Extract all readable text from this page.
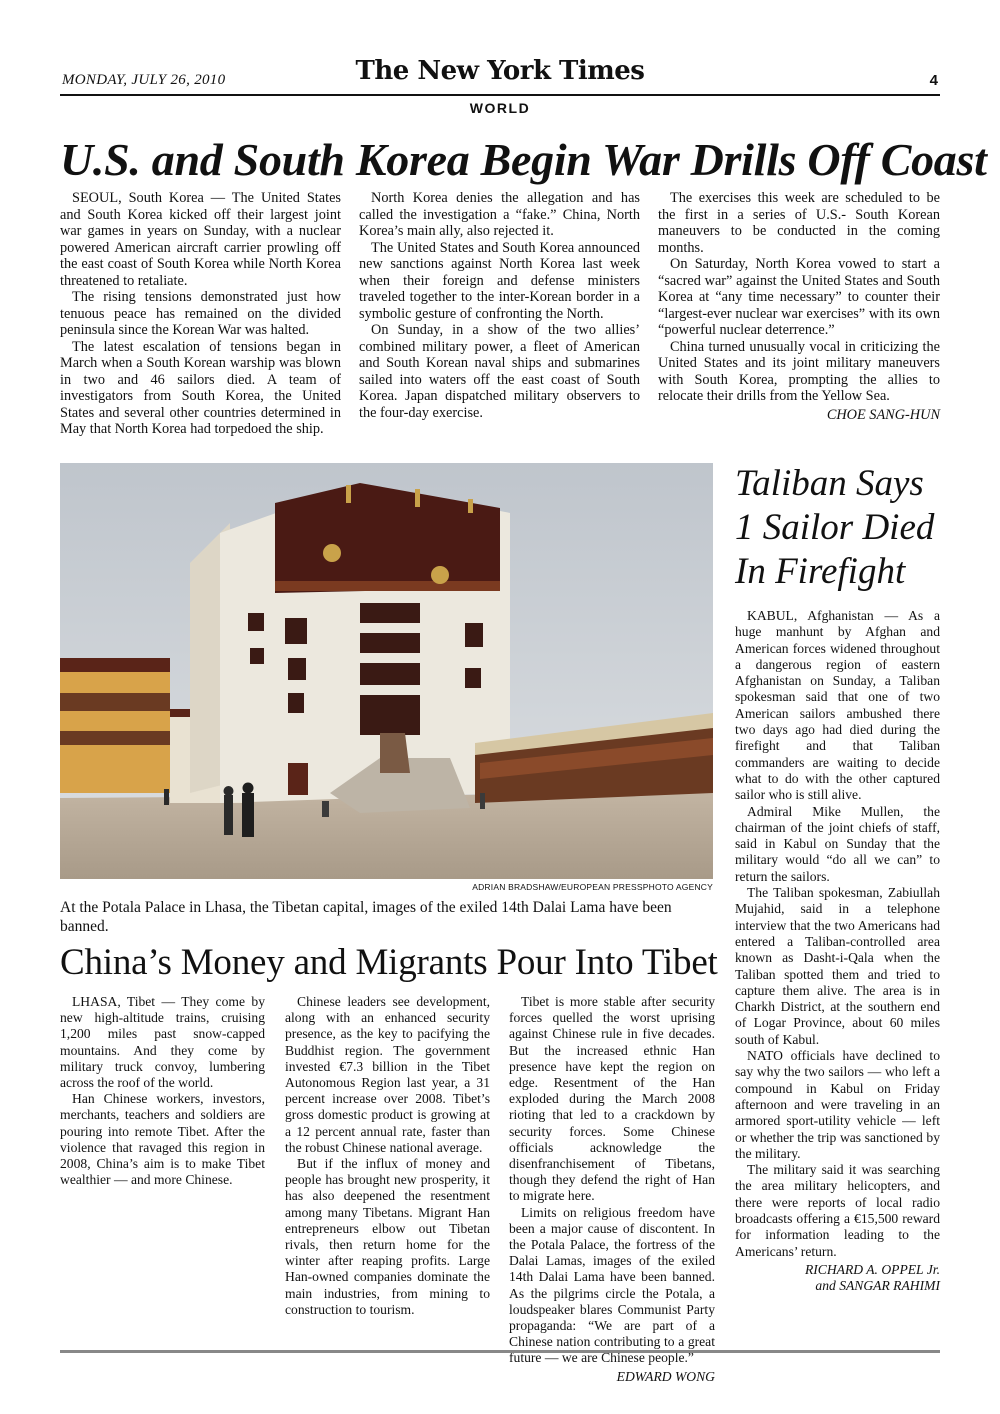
MONDAY, JULY 26, 2010	The New York Times	4
WORLD
U.S. and South Korea Begin War Drills Off Coast

SEOUL, South Korea — The United States and South Korea kicked off their largest joint war games in years on Sunday, with a nuclear powered American aircraft carrier prowling off the east coast of South Korea while North Korea threatened to retaliate.

The rising tensions demonstrated just how tenuous peace has remained on the divided peninsula since the Korean War was halted.

The latest escalation of tensions began in March when a South Korean warship was blown in two and 46 sailors died. A team of investigators from South Korea, the United States and several other countries determined in May that North Korea had torpedoed the ship.

North Korea denies the allegation and has called the investigation a “fake.” China, North Korea’s main ally, also rejected it.

The United States and South Korea announced new sanctions against North Korea last week when their foreign and defense ministers traveled together to the inter-Korean border in a symbolic gesture of confronting the North.

On Sunday, in a show of the two allies’ combined military power, a fleet of American and South Korean naval ships and submarines sailed into waters off the east coast of South Korea. Japan dispatched military observers to the four-day exercise.

The exercises this week are scheduled to be the first in a series of U.S.- South Korean maneuvers to be conducted in the coming months.

On Saturday, North Korea vowed to start a “sacred war” against the United States and South Korea at “any time necessary” to counter their “largest-ever nuclear war exercises” with its own “powerful nuclear deterrence.”

China turned unusually vocal in criticizing the United States and its joint military maneuvers with South Korea, prompting the allies to relocate their drills from the Yellow Sea.

CHOE SANG-HUN

ADRIAN BRADSHAW/EUROPEAN PRESSPHOTO AGENCY
At the Potala Palace in Lhasa, the Tibetan capital, images of the exiled 14th Dalai Lama have been banned.
China’s Money and Migrants Pour Into Tibet

LHASA, Tibet — They come by new high-altitude trains, cruising 1,200 miles past snow-capped mountains. And they come by military truck convoy, lumbering across the roof of the world.

Han Chinese workers, investors, merchants, teachers and soldiers are pouring into remote Tibet. After the violence that ravaged this region in 2008, China’s aim is to make Tibet wealthier — and more Chinese.

Chinese leaders see development, along with an enhanced security presence, as the key to pacifying the Buddhist region. The government invested €7.3 billion in the Tibet Autonomous Region last year, a 31 percent increase over 2008. Tibet’s gross domestic product is growing at a 12 percent annual rate, faster than the robust Chinese national average.

But if the influx of money and people has brought new prosperity, it has also deepened the resentment among many Tibetans. Migrant Han entrepreneurs elbow out Tibetan rivals, then return home for the winter after reaping profits. Large Han-owned companies dominate the main industries, from mining to construction to tourism.

Tibet is more stable after security forces quelled the worst uprising against Chinese rule in five decades. But the increased ethnic Han presence have kept the region on edge. Resentment of the Han exploded during the March 2008 rioting that led to a crackdown by security forces. Some Chinese officials acknowledge the disenfranchisement of Tibetans, though they defend the right of Han to migrate here.

Limits on religious freedom have been a major cause of discontent. In the Potala Palace, the fortress of the Dalai Lamas, images of the exiled 14th Dalai Lama have been banned. As the pilgrims circle the Potala, a loudspeaker blares Communist Party propaganda: “We are part of a Chinese nation contributing to a great future — we are Chinese people.”

EDWARD WONG

Taliban Says 1 Sailor Died In Firefight

KABUL, Afghanistan — As a huge manhunt by Afghan and American forces widened throughout a dangerous region of eastern Afghanistan on Sunday, a Taliban spokesman said that one of two American sailors ambushed there two days ago had died during the firefight and that Taliban commanders are waiting to decide what to do with the other captured sailor who is still alive.

Admiral Mike Mullen, the chairman of the joint chiefs of staff, said in Kabul on Sunday that the military would “do all we can” to return the sailors.

The Taliban spokesman, Zabiullah Mujahid, said in a telephone interview that the two Americans had entered a Taliban-controlled area known as Dasht-i-Qala when the Taliban spotted them and tried to capture them alive. The area is in Charkh District, at the southern end of Logar Province, about 60 miles south of Kabul.

NATO officials have declined to say why the two sailors — who left a compound in Kabul on Friday afternoon and were traveling in an armored sport-utility vehicle — left or whether the trip was sanctioned by the military.

The military said it was searching the area military helicopters, and there were reports of local radio broadcasts offering a €15,500 reward for information leading to the Americans’ return.

RICHARD A. OPPEL Jr.

and SANGAR RAHIMI
